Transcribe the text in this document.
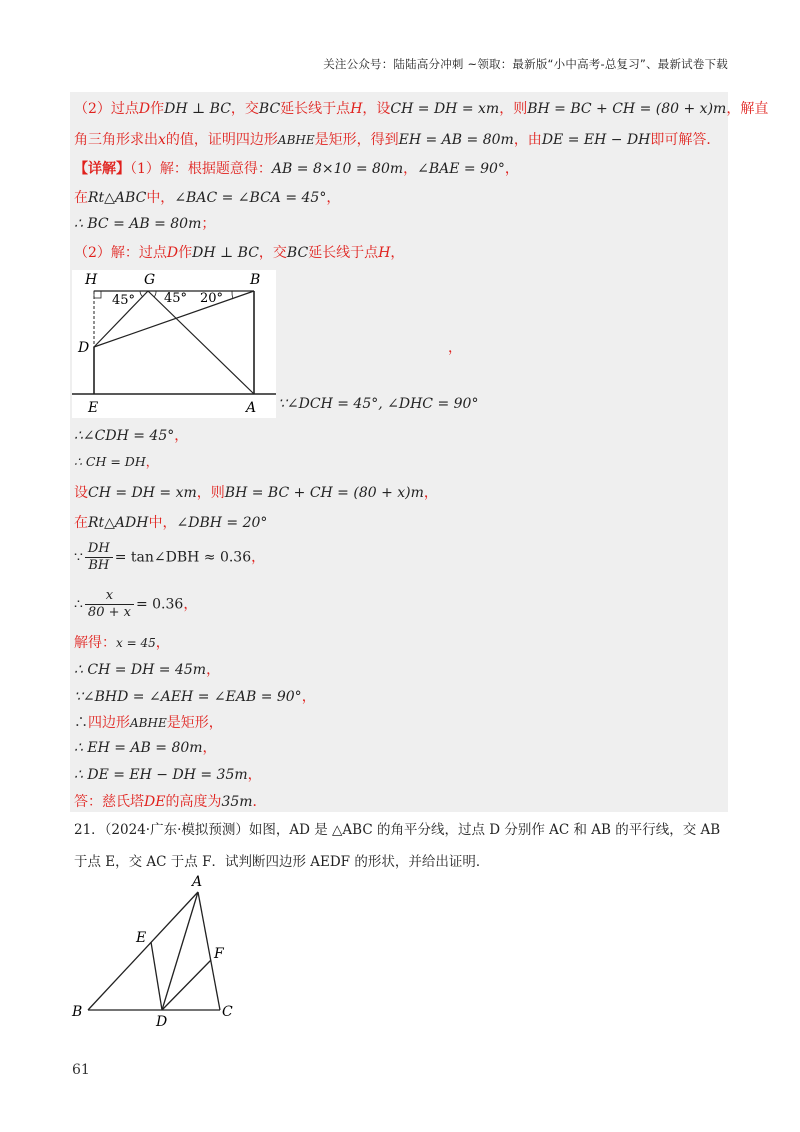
关注公众号：陆陆高分冲刺 ~领取：最新版“小中高考-总复习”、最新试卷下载
（2）过点D作DH ⊥ BC，交BC延长线于点H，设CH = DH = xm，则BH = BC + CH = (80 + x)m，解直
角三角形求出x的值，证明四边形ABHE是矩形，得到EH = AB = 80m，由DE = EH − DH即可解答．
【详解】（1）解：根据题意得：AB = 8×10 = 80m，∠BAE = 90°，
在Rt△ABC中，∠BAC = ∠BCA = 45°，
∴ BC = AB = 80m；
（2）解：过点D作DH ⊥ BC，交BC延长线于点H，
45° 45° 20°
H	G	B
D
E	A
，
∵∠DCH = 45°, ∠DHC = 90°
∴∠CDH = 45°，
∴ CH = DH，
设CH = DH = xm，则BH = BC + CH = (80 + x)m，
在Rt△ADH中，∠DBH = 20°
∵ $\frac{DH}{BH}$ = tan∠DBH ≈ 0.36，
∴ $\frac{x}{80 + x} = 0.36$，
解得：x = 45，
∴ CH = DH = 45m，
∵∠BHD = ∠AEH = ∠EAB = 90°，
∴四边形ABHE是矩形，
∴ EH = AB = 80m，
∴ DE = EH − DH = 35m，
答：慈氏塔DE的高度为35m．
21．（2024·广东·模拟预测）如图，AD 是 △ABC 的角平分线，过点 D 分别作 AC 和 AB 的平行线，交 AB
于点 E，交 AC 于点 F．试判断四边形 AEDF 的形状，并给出证明．
A
E
F
B
D
C
61
